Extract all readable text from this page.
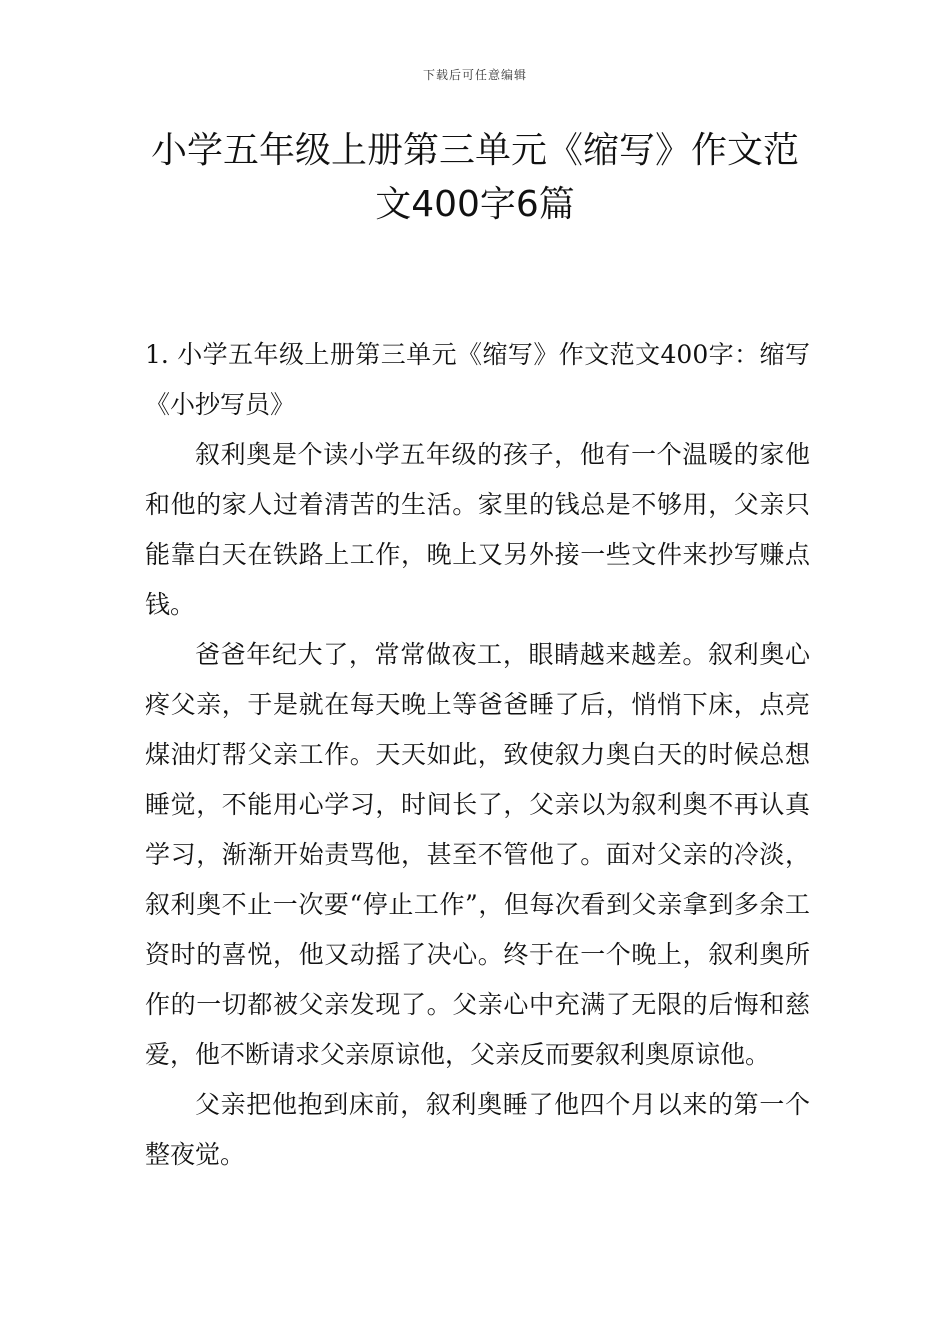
下载后可任意编辑
小学五年级上册第三单元《缩写》作文范
文400字6篇

1. 小学五年级上册第三单元《缩写》作文范文400字：缩写《小抄写员》

叙利奥是个读小学五年级的孩子，他有一个温暖的家他和他的家人过着清苦的生活。家里的钱总是不够用，父亲只能靠白天在铁路上工作，晚上又另外接一些文件来抄写赚点钱。

爸爸年纪大了，常常做夜工，眼睛越来越差。叙利奥心疼父亲，于是就在每天晚上等爸爸睡了后，悄悄下床，点亮煤油灯帮父亲工作。天天如此，致使叙力奥白天的时候总想睡觉，不能用心学习，时间长了，父亲以为叙利奥不再认真学习，渐渐开始责骂他，甚至不管他了。面对父亲的冷淡，叙利奥不止一次要“停止工作”，但每次看到父亲拿到多余工资时的喜悦，他又动摇了决心。终于在一个晚上，叙利奥所作的一切都被父亲发现了。父亲心中充满了无限的后悔和慈爱，他不断请求父亲原谅他，父亲反而要叙利奥原谅他。

父亲把他抱到床前，叙利奥睡了他四个月以来的第一个整夜觉。
